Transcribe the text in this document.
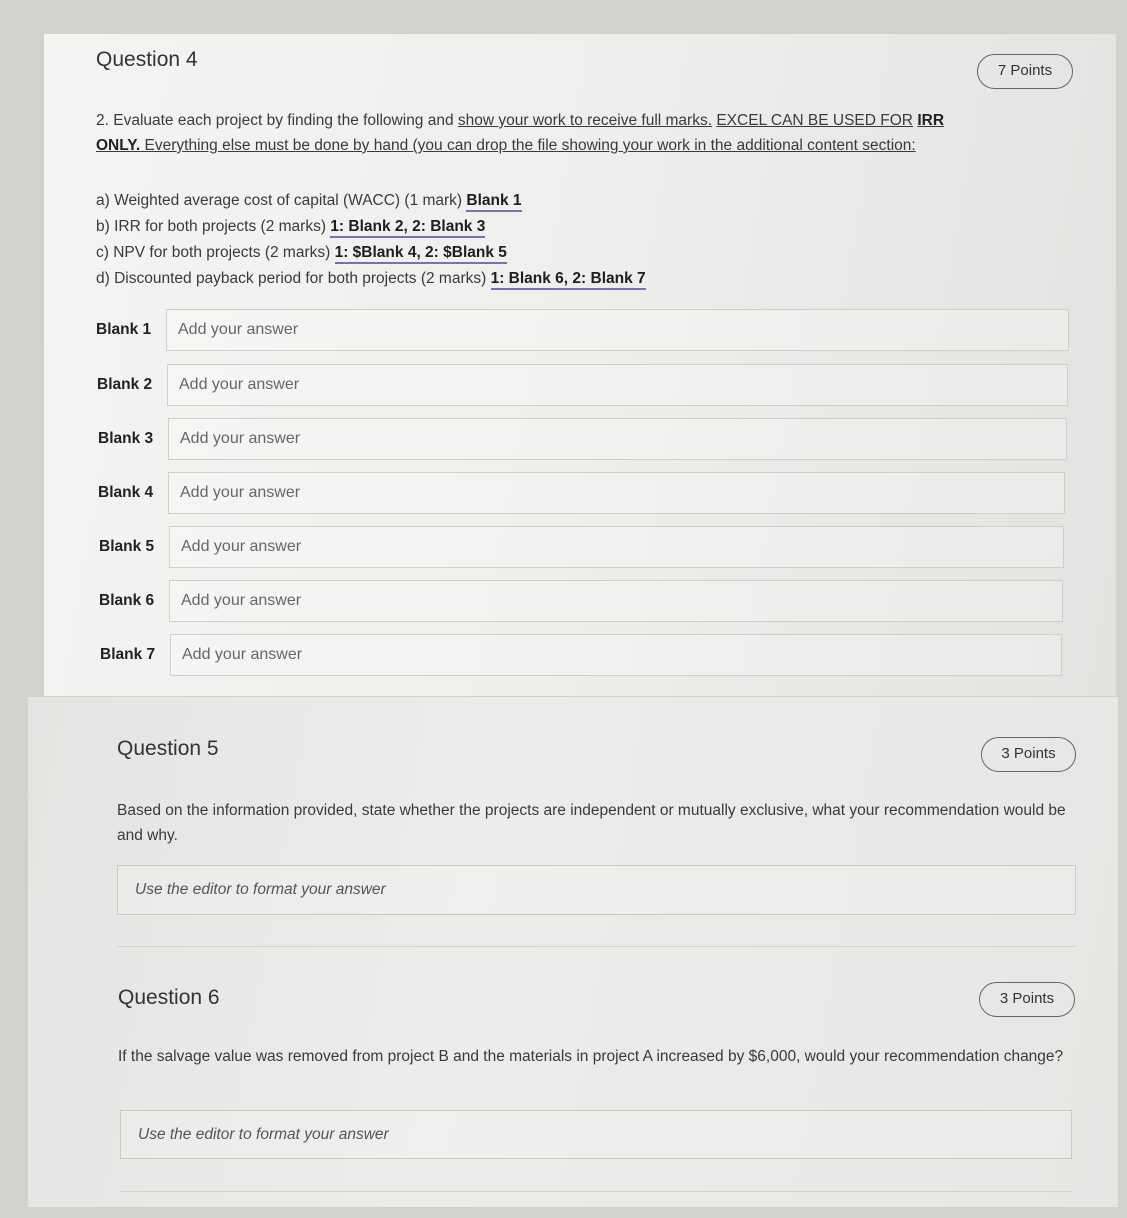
Question 4	7 Points
2. Evaluate each project by finding the following and show your work to receive full marks. EXCEL CAN BE USED FOR IRR
ONLY. Everything else must be done by hand (you can drop the file showing your work in the additional content section:
a) Weighted average cost of capital (WACC) (1 mark) Blank 1
b) IRR for both projects (2 marks) 1: Blank 2, 2: Blank 3
c) NPV for both projects (2 marks) 1: $Blank 4, 2: $Blank 5
d) Discounted payback period for both projects (2 marks) 1: Blank 6, 2: Blank 7
Blank 1	Add your answer
Blank 2	Add your answer
Blank 3	Add your answer
Blank 4	Add your answer
Blank 5	Add your answer
Blank 6	Add your answer
Blank 7	Add your answer
Question 5	3 Points
Based on the information provided, state whether the projects are independent or mutually exclusive, what your recommendation would be and why.
Use the editor to format your answer
Question 6	3 Points
If the salvage value was removed from project B and the materials in project A increased by $6,000, would your recommendation change?
Use the editor to format your answer
